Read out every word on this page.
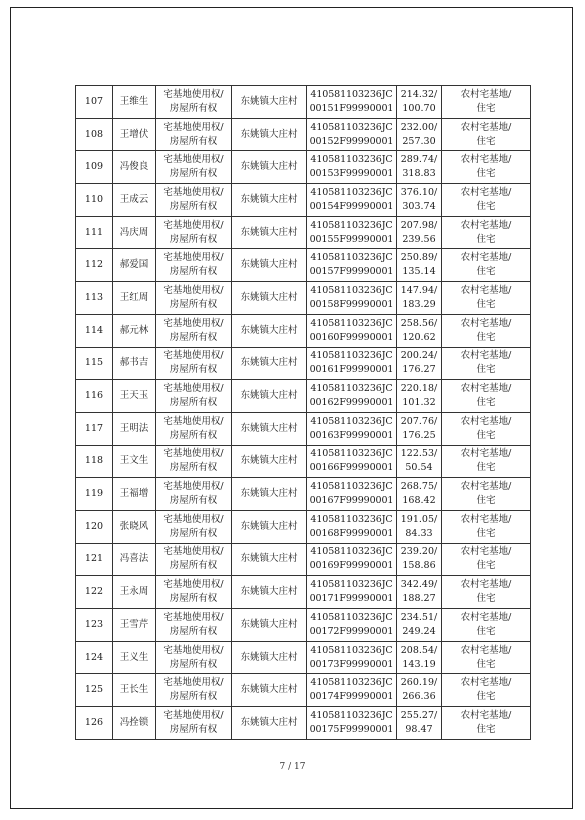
107	王维生	宅基地使用权/
房屋所有权	东姚镇大庄村	410581103236JC
00151F99990001	214.32/
100.70	农村宅基地/
住宅

108	王增伏	宅基地使用权/
房屋所有权	东姚镇大庄村	410581103236JC
00152F99990001	232.00/
257.30	农村宅基地/
住宅

109	冯俊良	宅基地使用权/
房屋所有权	东姚镇大庄村	410581103236JC
00153F99990001	289.74/
318.83	农村宅基地/
住宅

110	王成云	宅基地使用权/
房屋所有权	东姚镇大庄村	410581103236JC
00154F99990001	376.10/
303.74	农村宅基地/
住宅

111	冯庆周	宅基地使用权/
房屋所有权	东姚镇大庄村	410581103236JC
00155F99990001	207.98/
239.56	农村宅基地/
住宅

112	郝爱国	宅基地使用权/
房屋所有权	东姚镇大庄村	410581103236JC
00157F99990001	250.89/
135.14	农村宅基地/
住宅

113	王红周	宅基地使用权/
房屋所有权	东姚镇大庄村	410581103236JC
00158F99990001	147.94/
183.29	农村宅基地/
住宅

114	郝元林	宅基地使用权/
房屋所有权	东姚镇大庄村	410581103236JC
00160F99990001	258.56/
120.62	农村宅基地/
住宅

115	郝书吉	宅基地使用权/
房屋所有权	东姚镇大庄村	410581103236JC
00161F99990001	200.24/
176.27	农村宅基地/
住宅

116	王天玉	宅基地使用权/
房屋所有权	东姚镇大庄村	410581103236JC
00162F99990001	220.18/
101.32	农村宅基地/
住宅

117	王明法	宅基地使用权/
房屋所有权	东姚镇大庄村	410581103236JC
00163F99990001	207.76/
176.25	农村宅基地/
住宅

118	王文生	宅基地使用权/
房屋所有权	东姚镇大庄村	410581103236JC
00166F99990001	122.53/
50.54	农村宅基地/
住宅

119	王福增	宅基地使用权/
房屋所有权	东姚镇大庄村	410581103236JC
00167F99990001	268.75/
168.42	农村宅基地/
住宅

120	张晓风	宅基地使用权/
房屋所有权	东姚镇大庄村	410581103236JC
00168F99990001	191.05/
84.33	农村宅基地/
住宅

121	冯喜法	宅基地使用权/
房屋所有权	东姚镇大庄村	410581103236JC
00169F99990001	239.20/
158.86	农村宅基地/
住宅

122	王永周	宅基地使用权/
房屋所有权	东姚镇大庄村	410581103236JC
00171F99990001	342.49/
188.27	农村宅基地/
住宅

123	王雪芹	宅基地使用权/
房屋所有权	东姚镇大庄村	410581103236JC
00172F99990001	234.51/
249.24	农村宅基地/
住宅

124	王义生	宅基地使用权/
房屋所有权	东姚镇大庄村	410581103236JC
00173F99990001	208.54/
143.19	农村宅基地/
住宅

125	王长生	宅基地使用权/
房屋所有权	东姚镇大庄村	410581103236JC
00174F99990001	260.19/
266.36	农村宅基地/
住宅

126	冯拴锁	宅基地使用权/
房屋所有权	东姚镇大庄村	410581103236JC
00175F99990001	255.27/
98.47	农村宅基地/
住宅
7 / 17
